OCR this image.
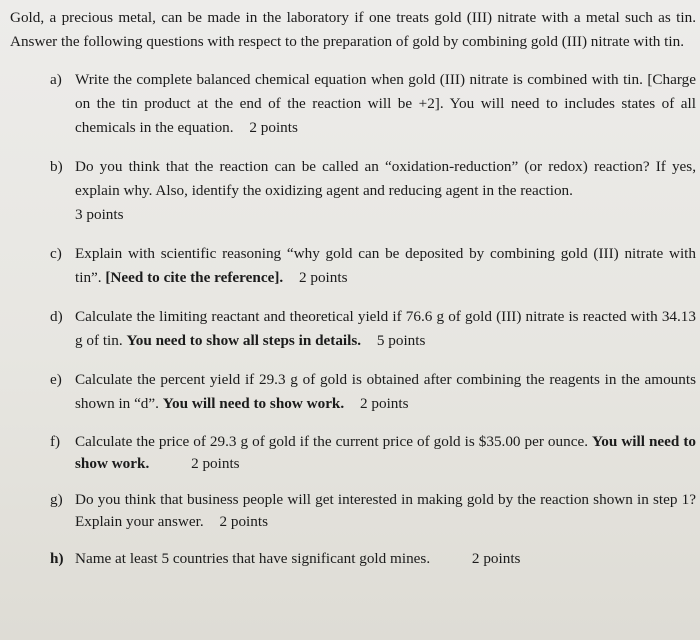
Gold, a precious metal, can be made in the laboratory if one treats gold (III) nitrate with a metal such as tin. Answer the following questions with respect to the preparation of gold by combining gold (III) nitrate with tin.
a) Write the complete balanced chemical equation when gold (III) nitrate is combined with tin. [Charge on the tin product at the end of the reaction will be +2]. You will need to includes states of all chemicals in the equation. 2 points
b) Do you think that the reaction can be called an “oxidation-reduction” (or redox) reaction? If yes, explain why. Also, identify the oxidizing agent and reducing agent in the reaction.
3 points
c) Explain with scientific reasoning “why gold can be deposited by combining gold (III) nitrate with tin”. [Need to cite the reference]. 2 points
d) Calculate the limiting reactant and theoretical yield if 76.6 g of gold (III) nitrate is reacted with 34.13 g of tin. You need to show all steps in details. 5 points
e) Calculate the percent yield if 29.3 g of gold is obtained after combining the reagents in the amounts shown in “d”. You will need to show work. 2 points
f) Calculate the price of 29.3 g of gold if the current price of gold is $35.00 per ounce. You will need to show work.	2 points
g) Do you think that business people will get interested in making gold by the reaction shown in step 1? Explain your answer. 2 points
h) Name at least 5 countries that have significant gold mines.	2 points
